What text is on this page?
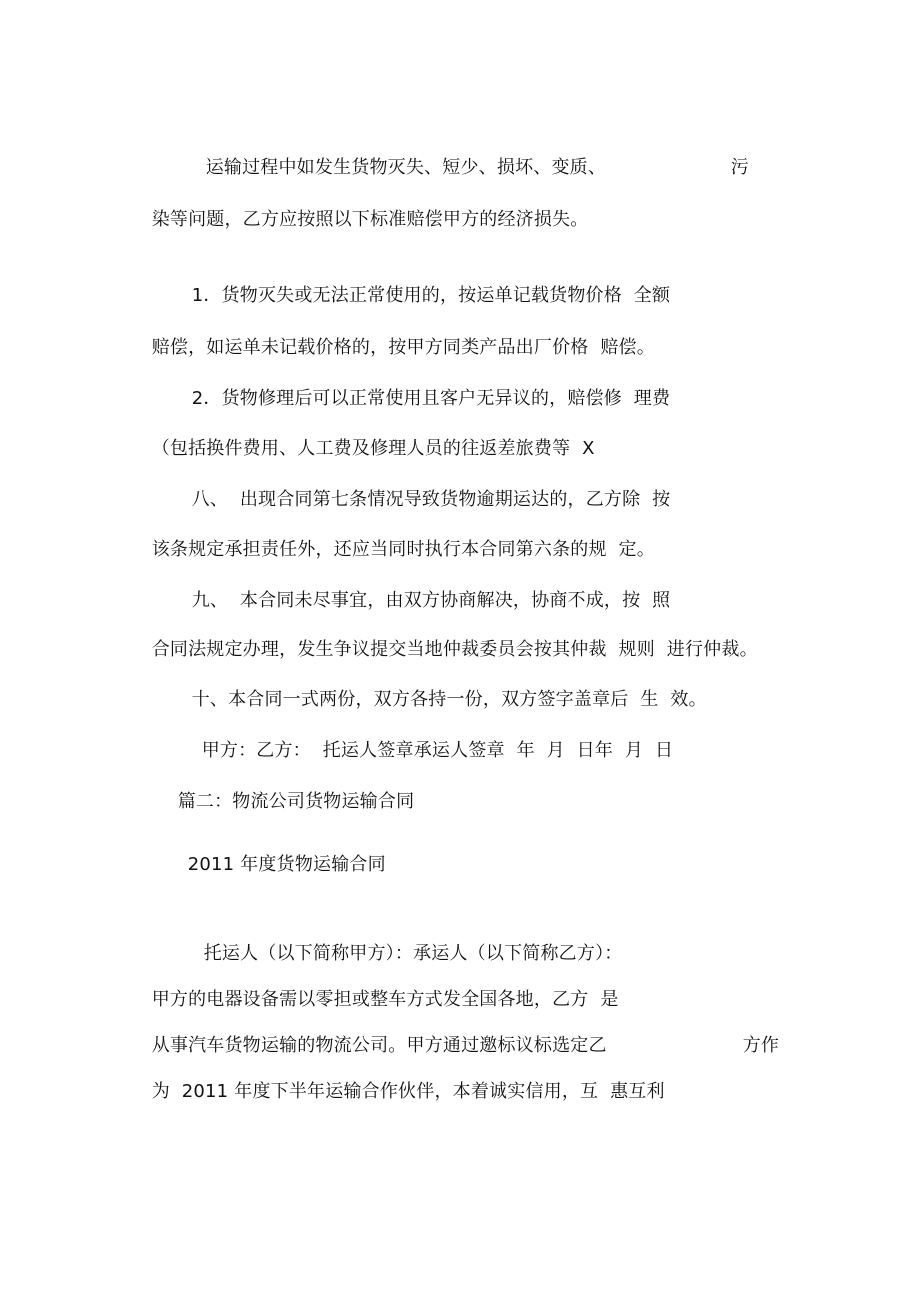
运输过程中如发生货物灭失、短少、损坏、变质、
	污

染等问题，乙方应按照以下标准赔偿甲方的经济损失。

1．货物灭失或无法正常使用的，按运单记载货物价格  全额

赔偿，如运单未记载价格的，按甲方同类产品出厂价格  赔偿。

2．货物修理后可以正常使用且客户无异议的，赔偿修  理费

（包括换件费用、人工费及修理人员的往返差旅费等  X

八、  出现合同第七条情况导致货物逾期运达的，乙方除  按

该条规定承担责任外，还应当同时执行本合同第六条的规  定。

九、  本合同未尽事宜，由双方协商解决，协商不成，按  照

合同法规定办理，发生争议提交当地仲裁委员会按其仲裁  规则  进行仲裁。

十、本合同一式两份，双方各持一份，双方签字盖章后  生  效。

甲方：乙方：  托运人签章承运人签章  年  月  日年  月  日

篇二：物流公司货物运输合同

2011 年度货物运输合同

托运人（以下简称甲方）：承运人（以下简称乙方）：

甲方的电器设备需以零担或整车方式发全国各地，乙方  是

从事汽车货物运输的物流公司。甲方通过邀标议标选定乙
	方作

为  2011 年度下半年运输合作伙伴，本着诚实信用，互  惠互利
